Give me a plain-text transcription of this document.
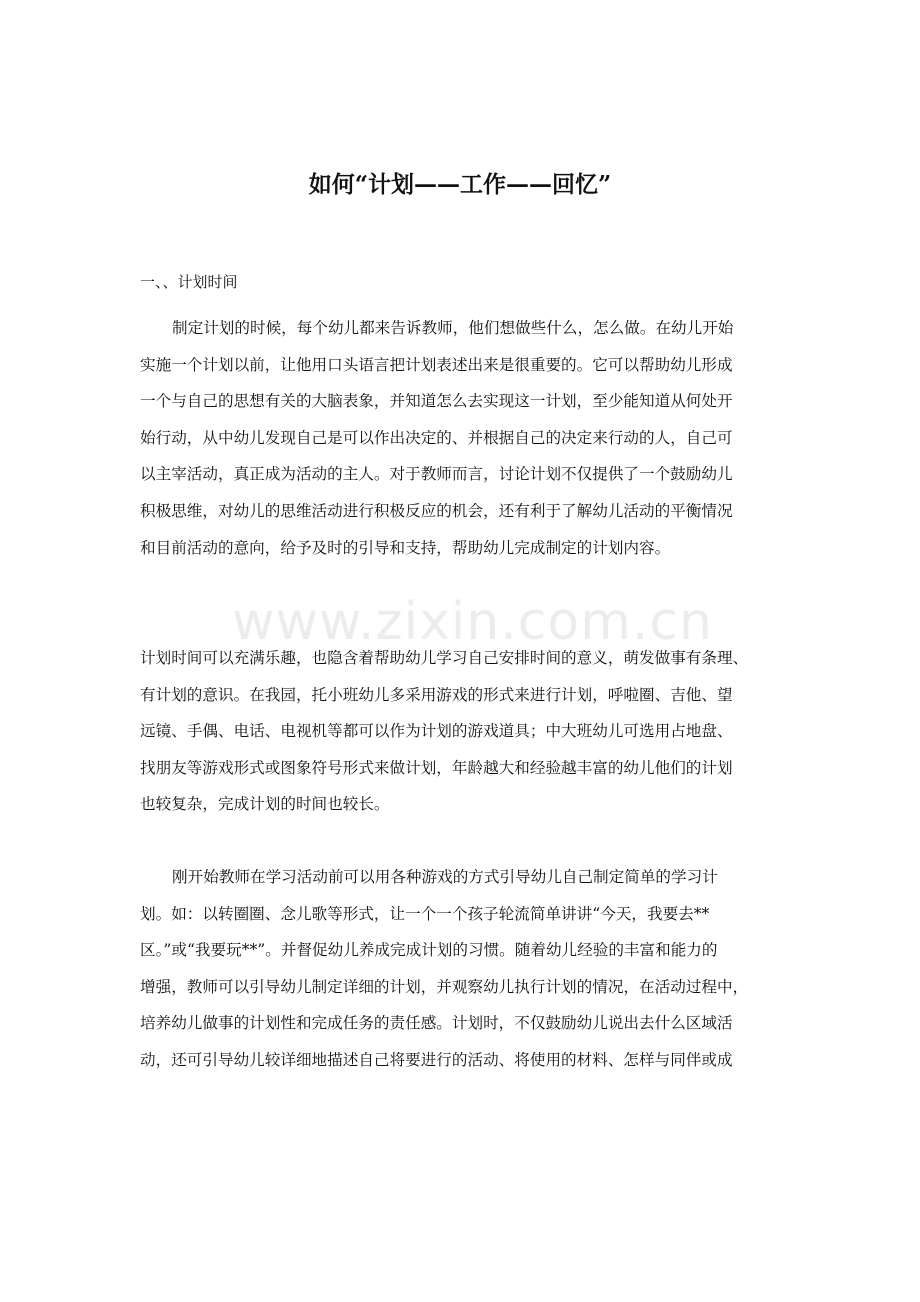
如何“计划——工作——回忆”
一、、计划时间
制定计划的时候，每个幼儿都来告诉教师，他们想做些什么，怎么做。在幼儿开始
实施一个计划以前，让他用口头语言把计划表述出来是很重要的。它可以帮助幼儿形成
一个与自己的思想有关的大脑表象，并知道怎么去实现这一计划，至少能知道从何处开
始行动，从中幼儿发现自己是可以作出决定的、并根据自己的决定来行动的人，自己可
以主宰活动，真正成为活动的主人。对于教师而言，讨论计划不仅提供了一个鼓励幼儿
积极思维，对幼儿的思维活动进行积极反应的机会，还有利于了解幼儿活动的平衡情况
和目前活动的意向，给予及时的引导和支持，帮助幼儿完成制定的计划内容。
计划时间可以充满乐趣，也隐含着帮助幼儿学习自己安排时间的意义，萌发做事有条理、
有计划的意识。在我园，托小班幼儿多采用游戏的形式来进行计划，呼啦圈、吉他、望
远镜、手偶、电话、电视机等都可以作为计划的游戏道具；中大班幼儿可选用占地盘、
找朋友等游戏形式或图象符号形式来做计划，年龄越大和经验越丰富的幼儿他们的计划
也较复杂，完成计划的时间也较长。
刚开始教师在学习活动前可以用各种游戏的方式引导幼儿自己制定简单的学习计
划。如：以转圈圈、念儿歌等形式，让一个一个孩子轮流简单讲讲“今天，我要去**
区。”或“我要玩**”。并督促幼儿养成完成计划的习惯。随着幼儿经验的丰富和能力的
增强，教师可以引导幼儿制定详细的计划，并观察幼儿执行计划的情况，在活动过程中，
培养幼儿做事的计划性和完成任务的责任感。计划时，不仅鼓励幼儿说出去什么区域活
动，还可引导幼儿较详细地描述自己将要进行的活动、将使用的材料、怎样与同伴或成
www.zixin.com.cn
